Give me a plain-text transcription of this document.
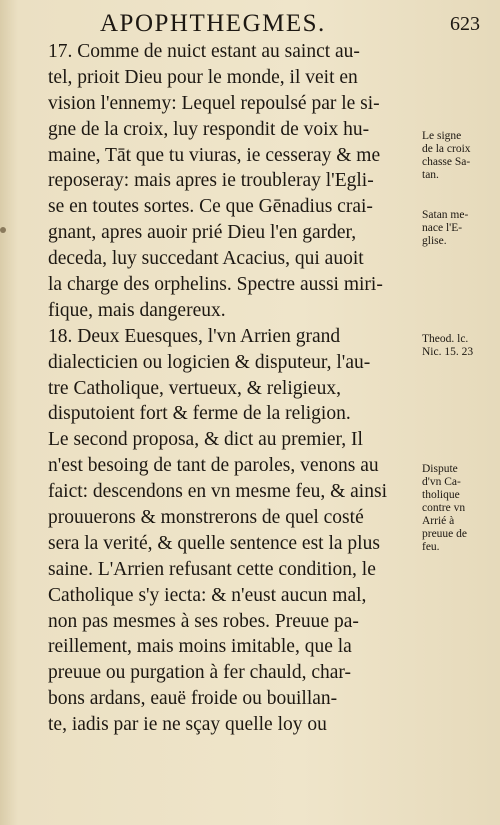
APOPHTHEGMES.	623
17. Comme de nuict estant au sainct au-
tel, prioit Dieu pour le monde, il veit en
vision l'ennemy: Lequel repoulsé par le si-
gne de la croix, luy respondit de voix hu-
maine, Tāt que tu viuras, ie cesseray & me
reposeray: mais apres ie troubleray l'Egli-
se en toutes sortes. Ce que Gēnadius crai-
gnant, apres auoir prié Dieu l'en garder,
deceda, luy succedant Acacius, qui auoit
la charge des orphelins. Spectre aussi miri-
fique, mais dangereux.
18. Deux Euesques, l'vn Arrien grand
dialecticien ou logicien & disputeur, l'au-
tre Catholique, vertueux, & religieux,
disputoient fort & ferme de la religion.
Le second proposa, & dict au premier, Il
n'est besoing de tant de paroles, venons au
faict: descendons en vn mesme feu, & ainsi
prouuerons & monstrerons de quel costé
sera la verité, & quelle sentence est la plus
saine. L'Arrien refusant cette condition, le
Catholique s'y iecta: & n'eust aucun mal,
non pas mesmes à ses robes. Preuue pa-
reillement, mais moins imitable, que la
preuue ou purgation à fer chauld, char-
bons ardans, eauë froide ou bouillan-
te, iadis par ie ne sçay quelle loy ou
Le signe
de la croix
chasse Sa-
tan.
Satan me-
nace l'E-
glise.
Theod. lc.
Nic. 15. 23
Dispute
d'vn Ca-
tholique
contre vn
Arrié à
preuue de
feu.
